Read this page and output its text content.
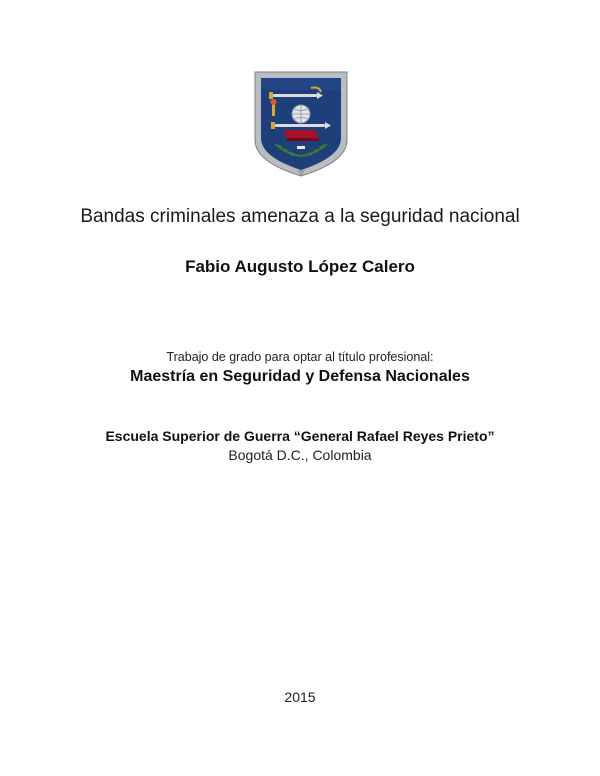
Bandas criminales amenaza a la seguridad nacional
Fabio Augusto López Calero
Trabajo de grado para optar al título profesional:
Maestría en Seguridad y Defensa Nacionales
Escuela Superior de Guerra “General Rafael Reyes Prieto”
Bogotá D.C., Colombia
2015
